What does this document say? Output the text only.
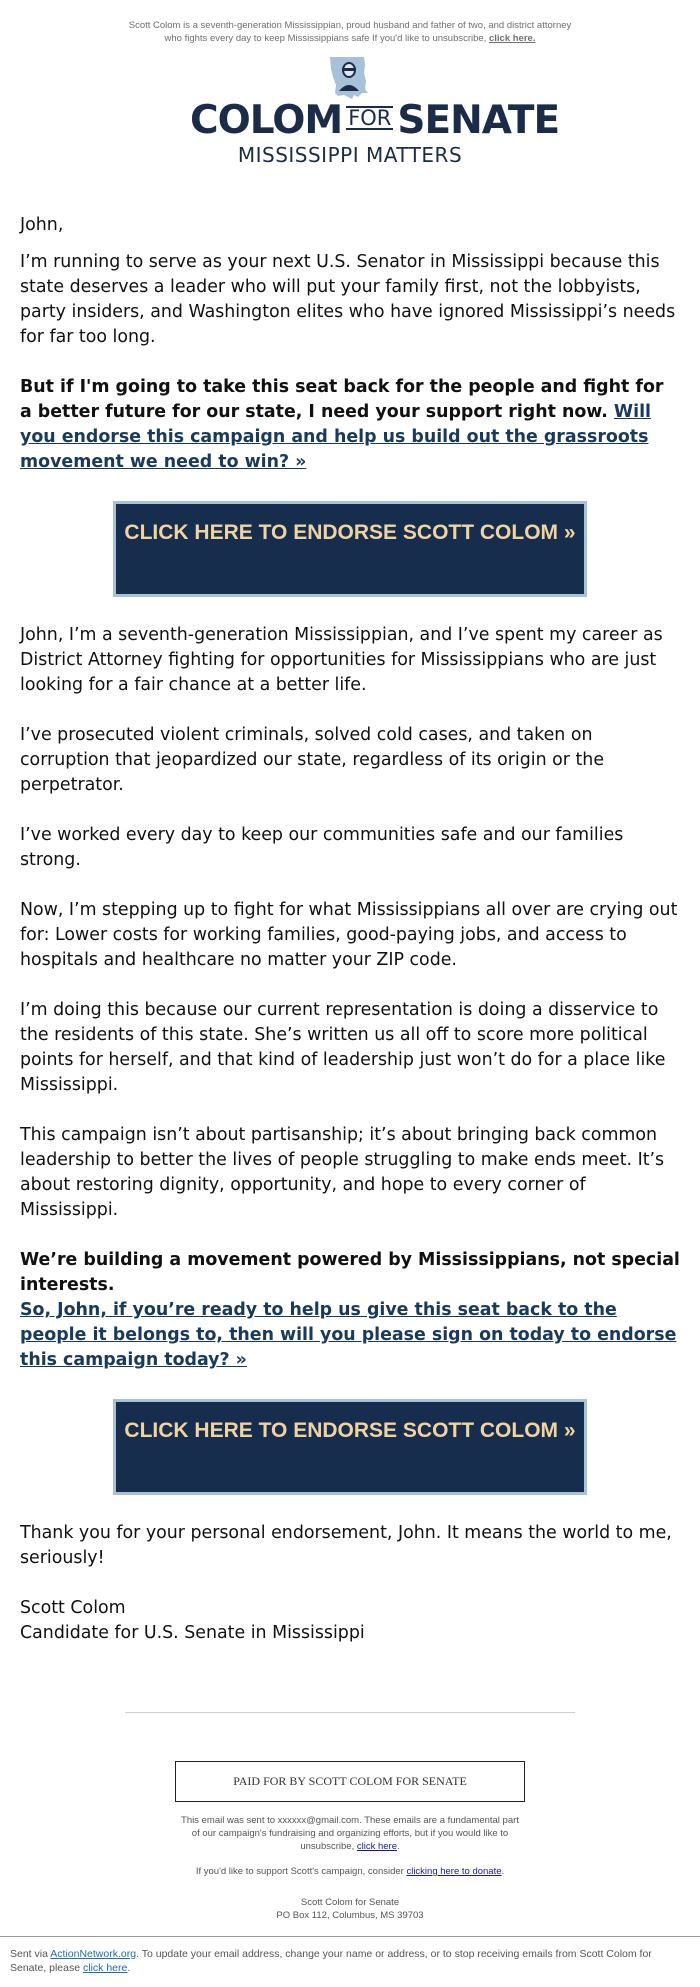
Scott Colom is a seventh-generation Mississippian, proud husband and father of two, and district attorney who fights every day to keep Mississippians safe If you'd like to unsubscribe, click here.
COLOM FOR SENATE
MISSISSIPPI MATTERS

John,

I’m running to serve as your next U.S. Senator in Mississippi because this state deserves a leader who will put your family first, not the lobbyists, party insiders, and Washington elites who have ignored Mississippi’s needs for far too long.

But if I'm going to take this seat back for the people and fight for a better future for our state, I need your support right now. Will you endorse this campaign and help us build out the grassroots movement we need to win? »

CLICK HERE TO ENDORSE SCOTT COLOM »

John, I’m a seventh-generation Mississippian, and I’ve spent my career as District Attorney fighting for opportunities for Mississippians who are just looking for a fair chance at a better life.

I’ve prosecuted violent criminals, solved cold cases, and taken on corruption that jeopardized our state, regardless of its origin or the perpetrator.

I’ve worked every day to keep our communities safe and our families strong.

Now, I’m stepping up to fight for what Mississippians all over are crying out for: Lower costs for working families, good-paying jobs, and access to hospitals and healthcare no matter your ZIP code.

I’m doing this because our current representation is doing a disservice to the residents of this state. She’s written us all off to score more political points for herself, and that kind of leadership just won’t do for a place like Mississippi.

This campaign isn’t about partisanship; it’s about bringing back common leadership to better the lives of people struggling to make ends meet. It’s about restoring dignity, opportunity, and hope to every corner of Mississippi.

We’re building a movement powered by Mississippians, not special interests.
So, John, if you’re ready to help us give this seat back to the people it belongs to, then will you please sign on today to endorse this campaign today? »

CLICK HERE TO ENDORSE SCOTT COLOM »

Thank you for your personal endorsement, John. It means the world to me, seriously!

Scott Colom
Candidate for U.S. Senate in Mississippi

PAID FOR BY SCOTT COLOM FOR SENATE
This email was sent to xxxxxx@gmail.com. These emails are a fundamental part of our campaign's fundraising and organizing efforts, but if you would like to unsubscribe, click here.
If you'd like to support Scott's campaign, consider clicking here to donate.
Scott Colom for Senate
PO Box 112, Columbus, MS 39703
Sent via ActionNetwork.org. To update your email address, change your name or address, or to stop receiving emails from Scott Colom for Senate, please click here.
